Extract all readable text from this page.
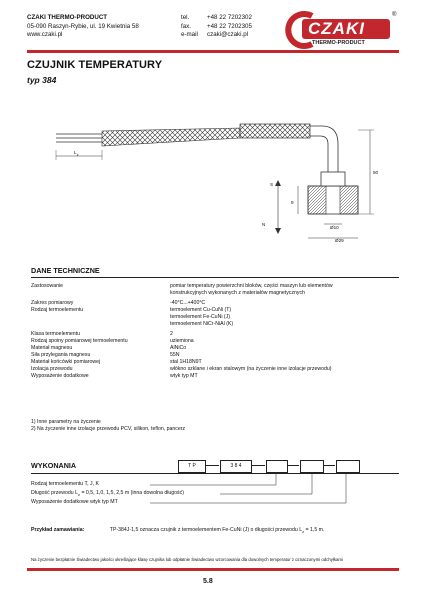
CZAKI THERMO-PRODUCT
05-090 Raszyn-Rybie, ul. 19 Kwietnia 58
www.czaki.pl
tel.	+48 22 7202302
fax.	+48 22 7202305
e-mail czaki@czaki.pl	CZAKI
THERMO-PRODUCT
®
CZUJNIK TEMPERATURY
typ 384
$L_z$
50
9
Ø10
Ø29
S
N
DANE TECHNICZNE
Zastosowanie	pomiar temperatury powierzchni bloków, części maszyn lub elementów
konstrukcyjnych wykonanych z materiałów magnetycznych
Zakres pomiarowy	-40°C...+400°C
Rodzaj termoelementu	termoelement Cu-CuNi (T)
termoelement Fe-CuNi (J)
termoelement NiCr-NiAl (K)
Klasa termoelementu	2
Rodzaj spoiny pomiarowej termoelementu	uziemiona
Materiał magnesu	AlNiCo
Siła przylegania magnesu	55N
Materiał końcówki pomiarowej	stal 1H18N9T
Izolacja przewodu	włókno szklane i ekran stalowym (na życzenie inne izolacje przewodu)
Wyposażenie dodatkowe	wtyk typ MT
1) Inne parametry na życzenie
2) Na życzenie inne izolacje przewodu PCV, silikon, teflon, pancerz
WYKONANIA	T P	3 8 4
Rodzaj termoelementu T, J, K
Długość przewodu $L_z = 0,5$, 1,0, 1,5, 2,5 m (inna dowolna długość)
Wyposażenie dodatkowe wtyk typ MT
Przykład zamawiania:	TP-384J-1,5 oznacza czujnik z termoelementem Fe-CuNi (J) o długości przewodu $L_z = 1,5$ m.
Na życzenie bezpłatnie Świadectwo jakości określające klasę czujnika lub odpłatnie Świadectwo wzorcowania dla dowolnych temperatur z oznaczonymi odchyłkami
5.8
